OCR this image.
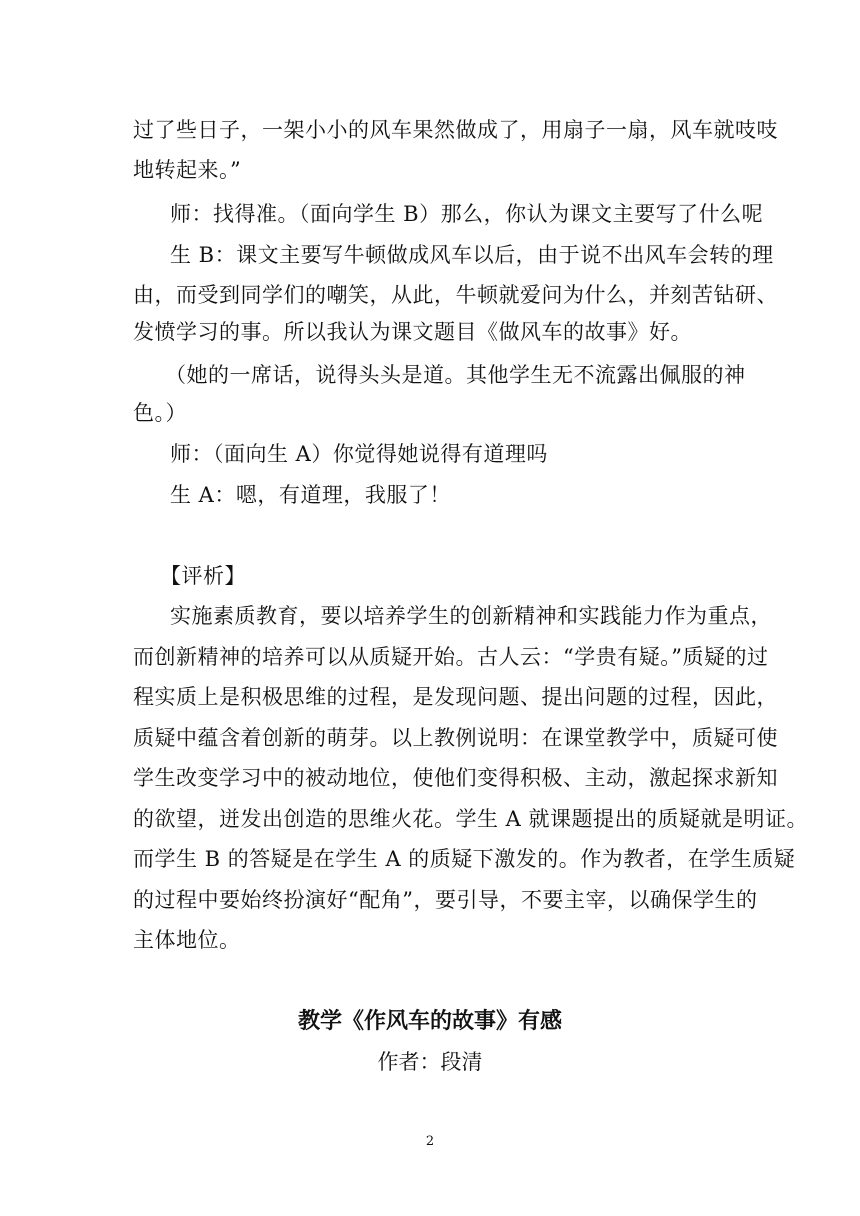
过了些日子，一架小小的风车果然做成了，用扇子一扇，风车就吱吱
地转起来。”
师：找得准。（面向学生 B）那么，你认为课文主要写了什么呢
生 B：课文主要写牛顿做成风车以后，由于说不出风车会转的理
由，而受到同学们的嘲笑，从此，牛顿就爱问为什么，并刻苦钻研、
发愤学习的事。所以我认为课文题目《做风车的故事》好。
（她的一席话，说得头头是道。其他学生无不流露出佩服的神
色。）
师：（面向生 A）你觉得她说得有道理吗
生 A：嗯，有道理，我服了！
【评析】
实施素质教育，要以培养学生的创新精神和实践能力作为重点，
而创新精神的培养可以从质疑开始。古人云：“学贵有疑。”质疑的过
程实质上是积极思维的过程，是发现问题、提出问题的过程，因此，
质疑中蕴含着创新的萌芽。以上教例说明：在课堂教学中，质疑可使
学生改变学习中的被动地位，使他们变得积极、主动，激起探求新知
的欲望，迸发出创造的思维火花。学生 A 就课题提出的质疑就是明证。
而学生 B 的答疑是在学生 A 的质疑下激发的。作为教者，在学生质疑
的过程中要始终扮演好“配角”，要引导，不要主宰，以确保学生的
主体地位。
教学《作风车的故事》有感
作者：段清
2
